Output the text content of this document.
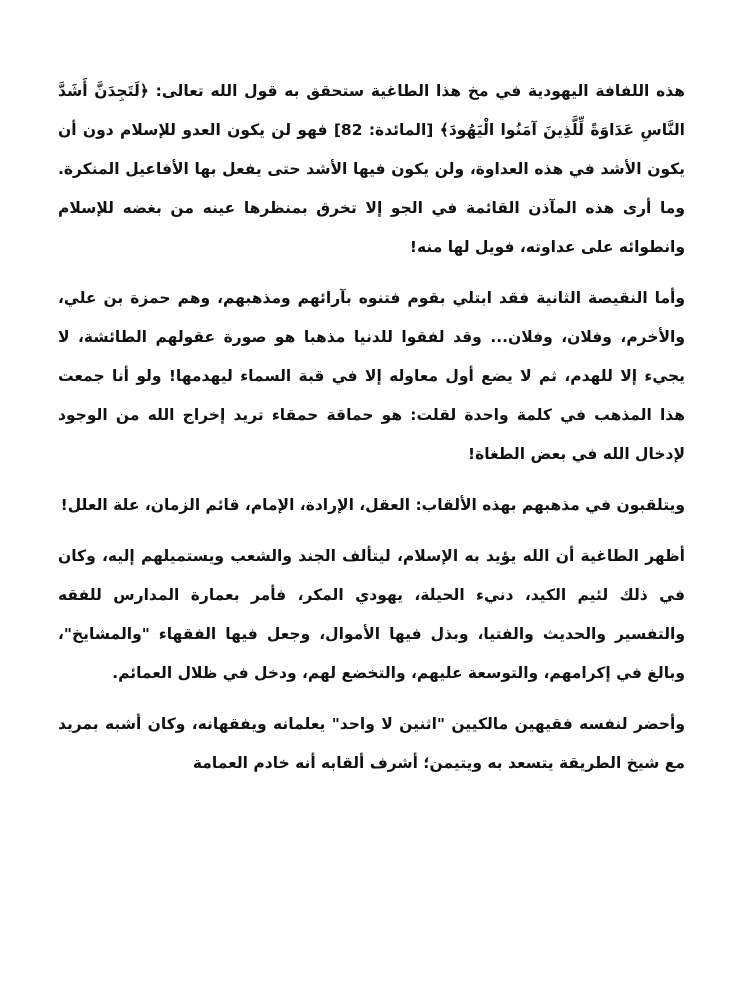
هذه اللفافة اليهودية في مخ هذا الطاغية ستحقق به قول الله تعالى: ﴿لَتَجِدَنَّ أَشَدَّ النَّاسِ عَدَاوَةً لِّلَّذِينَ آمَنُوا الْيَهُودَ﴾ [المائدة: 82] فهو لن يكون العدو للإسلام دون أن يكون الأشد في هذه العداوة، ولن يكون فيها الأشد حتى يفعل بها الأفاعيل المنكرة. وما أرى هذه المآذن القائمة في الجو إلا تخرق بمنظرها عينه من بغضه للإسلام وانطوائه على عداوته، فويل لها منه!

وأما النقيصة الثانية فقد ابتلي بقوم فتنوه بآرائهم ومذهبهم، وهم حمزة بن علي، والأخرم، وفلان، وفلان... وقد لفقوا للدنيا مذهبا هو صورة عقولهم الطائشة، لا يجيء إلا للهدم، ثم لا يضع أول معاوله إلا في قبة السماء ليهدمها! ولو أنا جمعت هذا المذهب في كلمة واحدة لقلت: هو حماقة حمقاء تريد إخراج الله من الوجود لإدخال الله في بعض الطغاة!

ويتلقبون في مذهبهم بهذه الألقاب: العقل، الإرادة، الإمام، قائم الزمان، علة العلل!

أظهر الطاغية أن الله يؤيد به الإسلام، ليتألف الجند والشعب ويستميلهم إليه، وكان في ذلك لئيم الكيد، دنيء الحيلة، يهودي المكر، فأمر بعمارة المدارس للفقه والتفسير والحديث والفتيا، وبذل فيها الأموال، وجعل فيها الفقهاء "والمشايخ"، وبالغ في إكرامهم، والتوسعة عليهم، والتخضع لهم، ودخل في ظلال العمائم.

وأحضر لنفسه فقيهين مالكيين "اثنين لا واحد" يعلمانه ويفقهانه، وكان أشبه بمريد مع شيخ الطريقة يتسعد به ويتيمن؛ أشرف ألقابه أنه خادم العمامة
